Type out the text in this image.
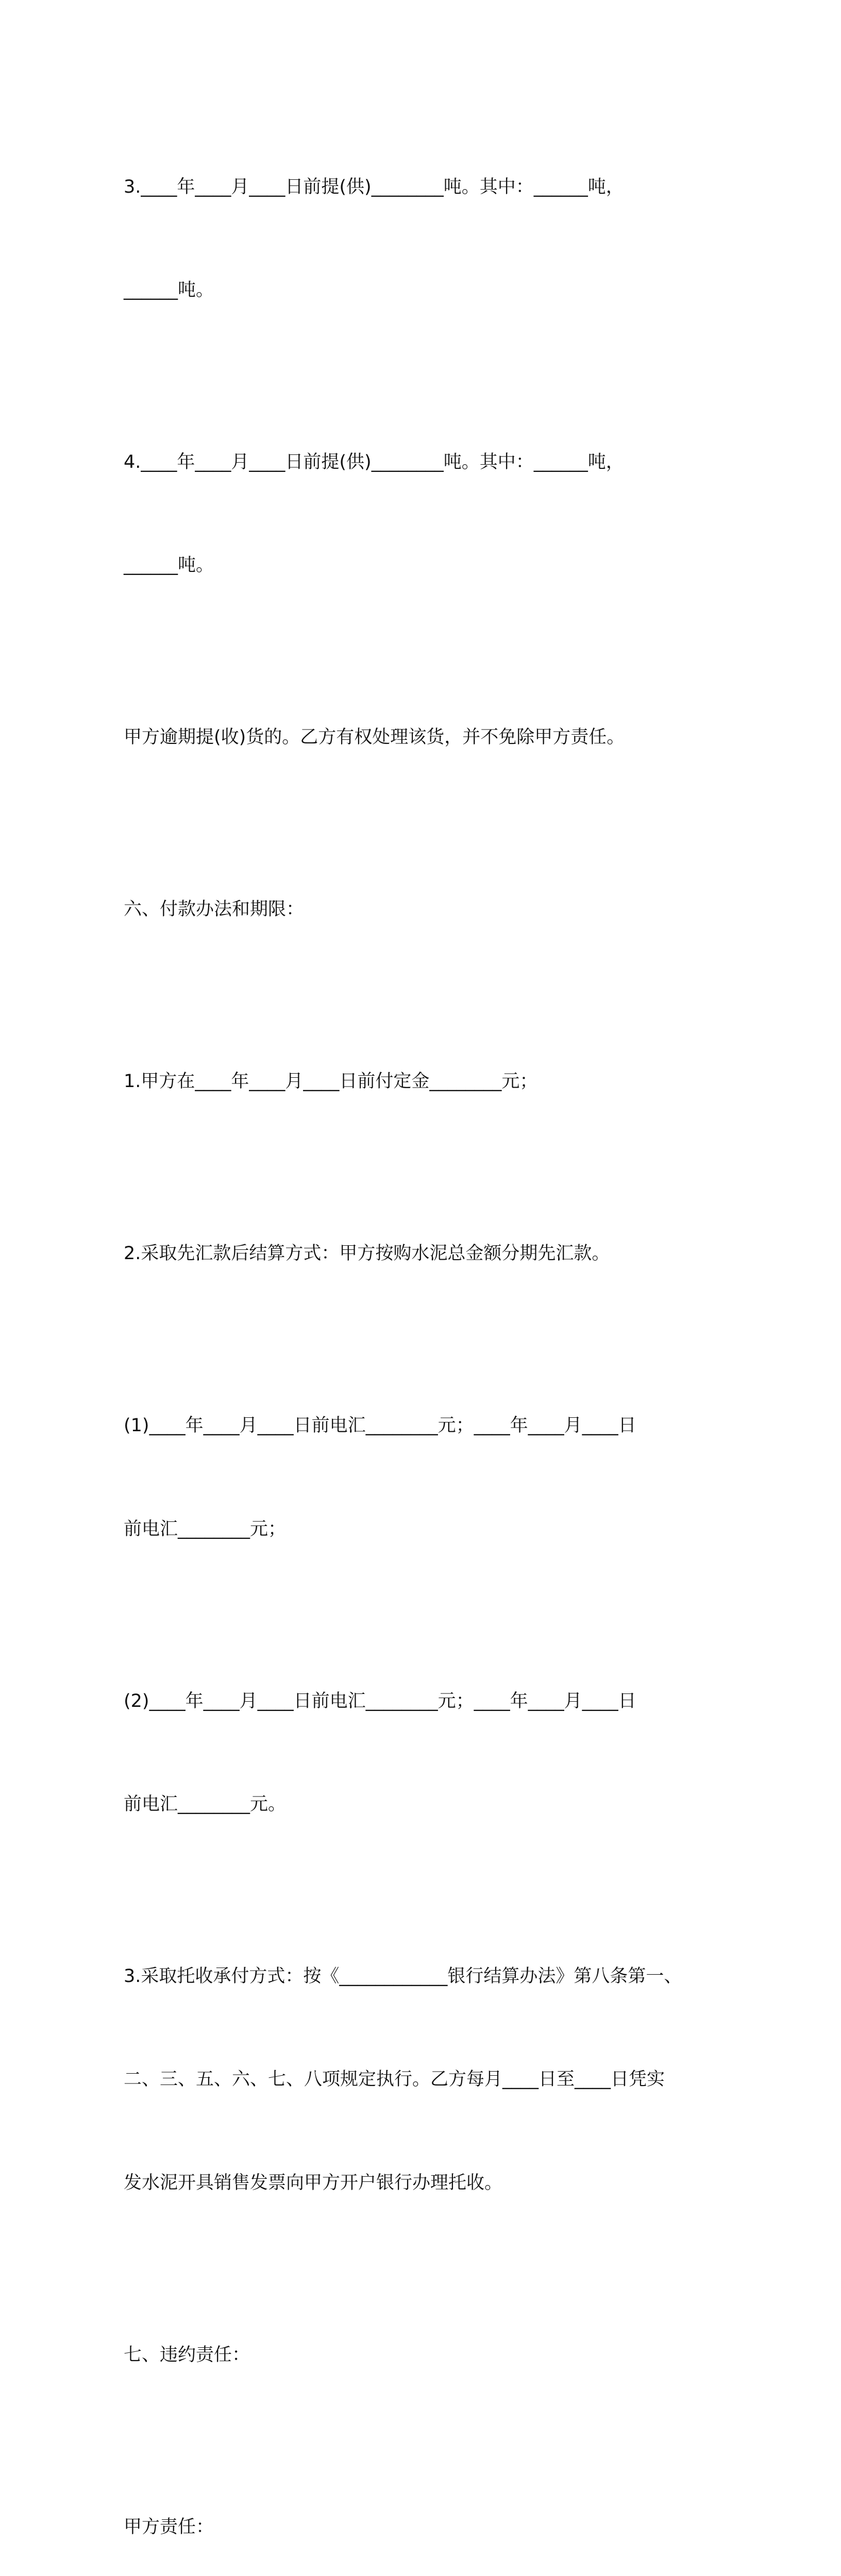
3.____年____月____日前提(供)________吨。其中：______吨，

______吨。

4.____年____月____日前提(供)________吨。其中：______吨，

______吨。

甲方逾期提(收)货的。乙方有权处理该货，并不免除甲方责任。

六、付款办法和期限：

1.甲方在____年____月____日前付定金________元；

2.采取先汇款后结算方式：甲方按购水泥总金额分期先汇款。

(1)____年____月____日前电汇________元；____年____月____日

前电汇________元；

(2)____年____月____日前电汇________元；____年____月____日

前电汇________元。

3.采取托收承付方式：按《____________银行结算办法》第八条第一、

二、三、五、六、七、八项规定执行。乙方每月____日至____日凭实

发水泥开具销售发票向甲方开户银行办理托收。

七、违约责任：

甲方责任：
